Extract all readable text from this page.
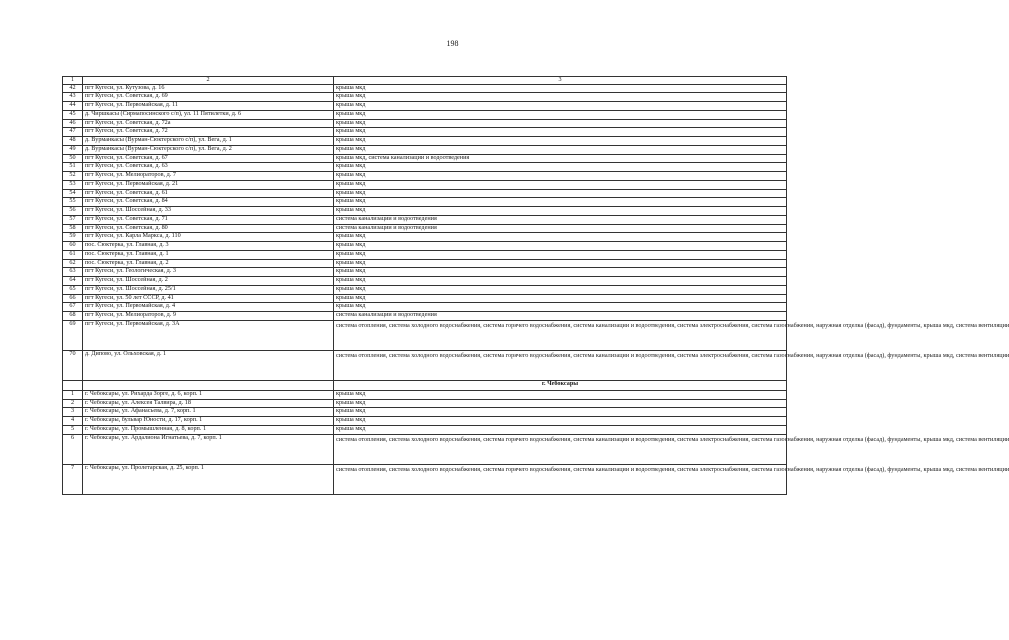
198
1	2	3
42	пгт Кугеси, ул. Кутузова, д. 16	крыша мкд
43	пгт Кугеси, ул. Советская, д. 69	крыша мкд
44	пгт Кугеси, ул. Первомайская, д. 11	крыша мкд
45	д. Чиршкасы (Сирмапосинского с/п), ул. 11 Пятилетки, д. 6	крыша мкд
46	пгт Кугеси, ул. Советская, д. 72а	крыша мкд
47	пгт Кугеси, ул. Советская, д. 72	крыша мкд
48	д. Вурманкасы (Вурман-Сюктерского с/п), ул. Вега, д. 1	крыша мкд
49	д. Вурманкасы (Вурман-Сюктерского с/п), ул. Вега, д. 2	крыша мкд
50	пгт Кугеси, ул. Советская, д. 67	крыша мкд, система канализации и водоотведения
51	пгт Кугеси, ул. Советская, д. 63	крыша мкд
52	пгт Кугеси, ул. Мелиораторов, д. 7	крыша мкд
53	пгт Кугеси, ул. Первомайская, д. 21	крыша мкд
54	пгт Кугеси, ул. Советская, д. 61	крыша мкд
55	пгт Кугеси, ул. Советская, д. 84	крыша мкд
56	пгт Кугеси, ул. Шоссейная, д. 33	крыша мкд
57	пгт Кугеси, ул. Советская, д. 71	система канализации и водоотведения
58	пгт Кугеси, ул. Советская, д. 80	система канализации и водоотведения
59	пгт Кугеси, ул. Карла Маркса, д. 110	крыша мкд
60	пос. Сюктерка, ул. Главная, д. 3	крыша мкд
61	пос. Сюктерка, ул. Главная, д. 1	крыша мкд
62	пос. Сюктерка, ул. Главная, д. 2	крыша мкд
63	пгт Кугеси, ул. Геологическая, д. 3	крыша мкд
64	пгт Кугеси, ул. Шоссейная, д. 2	крыша мкд
65	пгт Кугеси, ул. Шоссейная, д. 25/1	крыша мкд
66	пгт Кугеси, ул. 50 лет СССР, д. 41	крыша мкд
67	пгт Кугеси, ул. Первомайская, д. 4	крыша мкд
68	пгт Кугеси, ул. Мелиораторов, д. 9	система канализации и водоотведения
69	пгт Кугеси, ул. Первомайская, д. 3А	система отопления, система холодного водоснабжения, система горячего водоснабжения, система канализации и водоотведения, система электроснабжения, система газоснабжения, наружная отделка (фасад), фундаменты, крыша мкд, система вентиляции
70	д. Дипово, ул. Ольховская, д. 1	система отопления, система холодного водоснабжения, система горячего водоснабжения, система канализации и водоотведения, система электроснабжения, система газоснабжения, наружная отделка (фасад), фундаменты, крыша мкд, система вентиляции
		г. Чебоксары
1	г. Чебоксары, ул. Рихарда Зорге, д. 6, корп. 1	крыша мкд
2	г. Чебоксары, ул. Алексея Талвира, д. 18	крыша мкд
3	г. Чебоксары, ул. Афанасьева, д. 7, корп. 1	крыша мкд
4	г. Чебоксары, бульвар Юности, д. 17, корп. 1	крыша мкд
5	г. Чебоксары, ул. Промышленная, д. 8, корп. 1	крыша мкд
6	г. Чебоксары, ул. Ардалиона Игнатьева, д. 7, корп. 1	система отопления, система холодного водоснабжения, система горячего водоснабжения, система канализации и водоотведения, система электроснабжения, система газоснабжения, наружная отделка (фасад), фундаменты, крыша мкд, система вентиляции
7	г. Чебоксары, ул. Пролетарская, д. 25, корп. 1	система отопления, система холодного водоснабжения, система горячего водоснабжения, система канализации и водоотведения, система электроснабжения, система газоснабжения, наружная отделка (фасад), фундаменты, крыша мкд, система вентиляции
